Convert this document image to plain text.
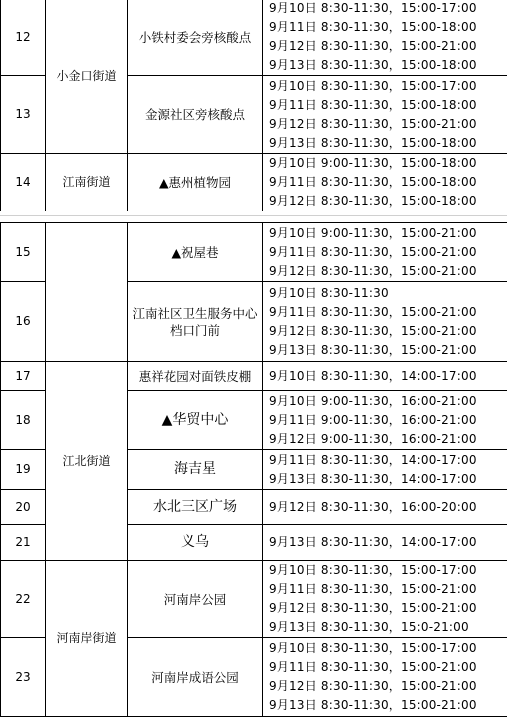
12	小金口街道	小铁村委会旁核酸点	9月10日 8:30-11:30，15:00-17:00
9月11日 8:30-11:30，15:00-18:00
9月12日 8:30-11:30，15:00-21:00
9月13日 8:30-11:30，15:00-18:00

13		金源社区旁核酸点	9月10日 8:30-11:30，15:00-17:00
9月11日 8:30-11:30，15:00-18:00
9月12日 8:30-11:30，15:00-21:00
9月13日 8:30-11:30，15:00-18:00

14	江南街道	▲惠州植物园	9月10日 9:00-11:30，15:00-18:00
9月11日 8:30-11:30，15:00-18:00
9月12日 8:30-11:30，15:00-18:00
15		▲祝屋巷	9月10日 9:00-11:30，15:00-21:00
9月11日 8:30-11:30，15:00-21:00
9月12日 8:30-11:30，15:00-21:00

16		江南社区卫生服务中心档口门前	9月10日 8:30-11:30
9月11日 8:30-11:30，15:00-21:00
9月12日 8:30-11:30，15:00-21:00
9月13日 8:30-11:30，15:00-21:00

17	江北街道	惠祥花园对面铁皮棚	9月10日 8:30-11:30，14:00-17:00

18		▲华贸中心	9月10日 9:00-11:30，16:00-21:00
9月11日 9:00-11:30，16:00-21:00
9月12日 9:00-11:30，16:00-21:00

19		海吉星	9月11日 8:30-11:30，14:00-17:00
9月13日 8:30-11:30，14:00-17:00

20		水北三区广场	9月12日 8:30-11:30，16:00-20:00

21		义乌	9月13日 8:30-11:30，14:00-17:00

22	河南岸街道	河南岸公园	9月10日 8:30-11:30，15:00-17:00
9月11日 8:30-11:30，15:00-21:00
9月12日 8:30-11:30，15:00-21:00
9月13日 8:30-11:30，15:0-21:00

23		河南岸成语公园	9月10日 8:30-11:30，15:00-17:00
9月11日 8:30-11:30，15:00-21:00
9月12日 8:30-11:30，15:00-21:00
9月13日 8:30-11:30，15:00-21:00
